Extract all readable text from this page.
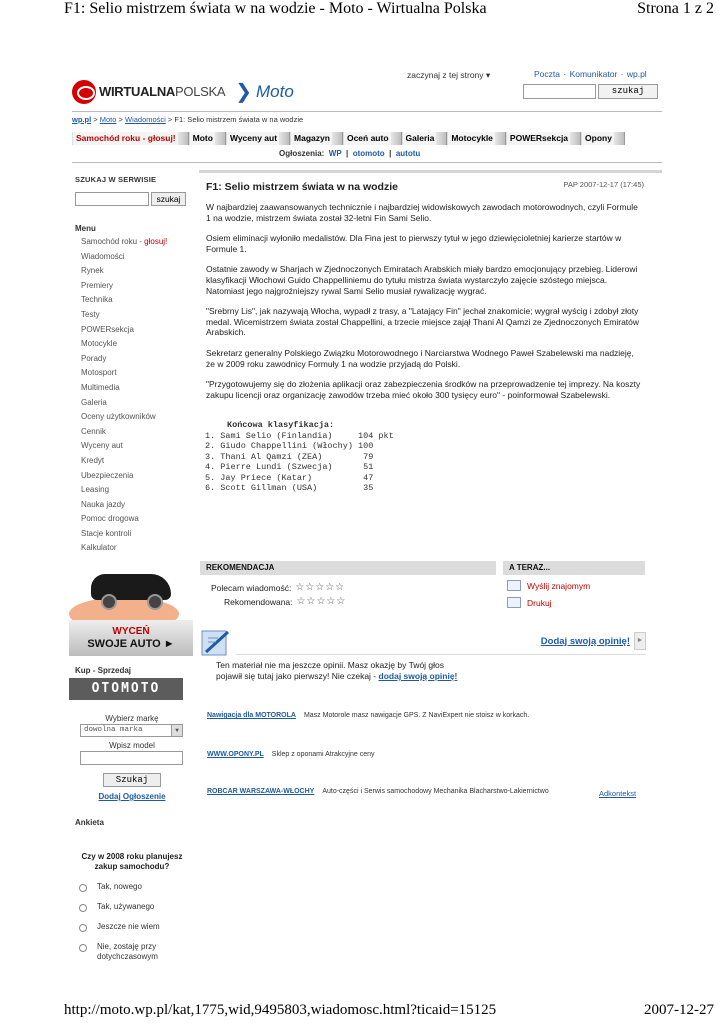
F1: Selio mistrzem świata w na wodzie - Moto - Wirtualna Polska	Strona 1 z 2
WIRTUALNA POLSKA ❯ Moto
zaczynaj z tej strony ▾	Poczta · Komunikator · wp.pl
szukaj
wp.pl > Moto > Wiadomości > F1: Selio mistrzem świata w na wodzie
Samochód roku - głosuj!	Moto	Wyceny aut	Magazyn	Oceń auto	Galeria	Motocykle	POWERsekcja	Opony
Ogłoszenia: WP  |  otomoto  |  autotu
SZUKAJ W SERWISIE
szukaj
Menu
Samochód roku - głosuj!
Wiadomości
Rynek
Premiery
Technika
Testy
POWERsekcja
Motocykle
Porady
Motosport
Multimedia
Galeria
Oceny użytkowników
Cennik
Wyceny aut
Kredyt
Ubezpieczenia
Leasing
Nauka jazdy
Pomoc drogowa
Stacje kontroli
Kalkulator
WYCEŃ
SWOJE AUTO ►
Kup - Sprzedaj
OTOMOTO
Wybierz markę
dowolna marka	▼
Wpisz model
Szukaj
Dodaj Ogłoszenie
Ankieta
Czy w 2008 roku planujesz zakup samochodu?
Tak, nowego
Tak, używanego
Jeszcze nie wiem
Nie, zostaję przy dotychczasowym
F1: Selio mistrzem świata w na wodzie	PAP 2007-12-17 (17:45)

W najbardziej zaawansowanych technicznie i najbardziej widowiskowych zawodach motorowodnych, czyli Formule 1 na wodzie, mistrzem świata został 32-letni Fin Sami Selio.

Osiem eliminacji wyłoniło medalistów. Dla Fina jest to pierwszy tytuł w jego dziewięcioletniej karierze startów w Formule 1.

Ostatnie zawody w Sharjach w Zjednoczonych Emiratach Arabskich miały bardzo emocjonujący przebieg. Liderowi klasyfikacji Włochowi Guido Chappelliniemu do tytułu mistrza świata wystarczyło zajęcie szóstego miejsca. Natomiast jego najgroźniejszy rywal Sami Selio musiał rywalizację wygrać.

"Srebrny Lis", jak nazywają Włocha, wypadł z trasy, a "Latający Fin" jechał znakomicie; wygrał wyścig i zdobył złoty medal. Wicemistrzem świata został Chappellini, a trzecie miejsce zajął Thani Al Qamzi ze Zjednoczonych Emiratów Arabskich.

Sekretarz generalny Polskiego Związku Motorowodnego i Narciarstwa Wodnego Paweł Szabelewski ma nadzieję, że w 2009 roku zawodnicy Formuły 1 na wodzie przyjadą do Polski.

"Przygotowujemy się do złożenia aplikacji oraz zabezpieczenia środków na przeprowadzenie tej imprezy. Na koszty zakupu licencji oraz organizację zawodów trzeba mieć około 300 tysięcy euro" - poinformował Szabelewski.

Końcowa klasyfikacja:
1. Sami Selio (Finlandia)     104 pkt
2. Giudo Chappellini (Włochy) 100
3. Thani Al Qamzi (ZEA)        79
4. Pierre Lundi (Szwecja)      51
5. Jay Priece (Katar)          47
6. Scott Gillman (USA)         35
REKOMENDACJA
Polecam wiadomość: ☆☆☆☆☆
Rekomendowana: ☆☆☆☆☆
A TERAZ...
Wyślij znajomym
Drukuj
Dodaj swoją opinię! ►
Ten materiał nie ma jeszcze opinii. Masz okazję by Twój głos
pojawił się tutaj jako pierwszy! Nie czekaj - dodaj swoją opinię!
Nawigacja dla MOTOROLA Masz Motorole masz nawigacje GPS. Z NaviExpert nie stoisz w korkach.
WWW.OPONY.PL Sklep z oponami Atrakcyjne ceny
ROBCAR WARSZAWA-WŁOCHY Auto-części i Serwis samochodowy Mechanika Blacharstwo-Lakiernictwo	Adkontekst
http://moto.wp.pl/kat,1775,wid,9495803,wiadomosc.html?ticaid=15125	2007-12-27
